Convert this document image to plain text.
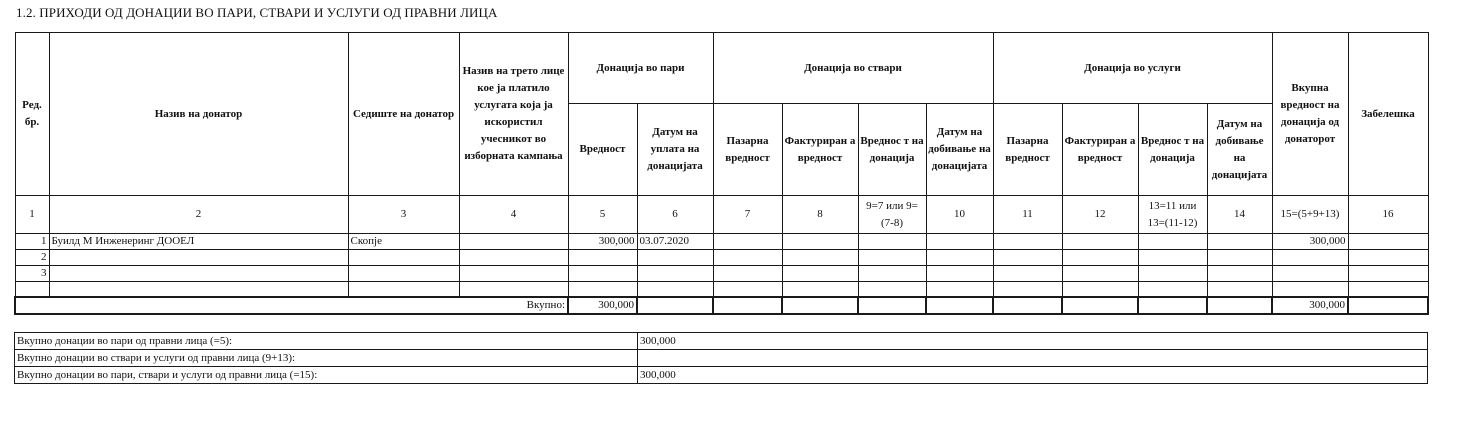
1.2. ПРИХОДИ ОД ДОНАЦИИ ВО ПАРИ, СТВАРИ И УСЛУГИ ОД ПРАВНИ ЛИЦА
Ред. бр.	Назив на донатор	Седиште на донатор	Назив на трето лице кое ја платило услугата која ја искористил учесникот во изборната кампања	Донација во пари		Донација во ствари				Донација во услуги				Вкупна вредност на донација од донаторот	Забелешка
				Вредност	Датум на уплата на донацијата	Пазарна вредност	Фактуриран а вредност	Вреднос т на донација	Датум на добивање на донацијата	Пазарна вредност	Фактуриран а вредност	Вреднос т на донација	Датум на добивање на донацијата		
1	2	3	4	5	6	7	8	9=7 или 9=(7-8)	10	11	12	13=11 или 13=(11-12)	14	15=(5+9+13)	16
1	Буилд М Инженеринг ДООЕЛ	Скопје		300,000	03.07.2020									300,000	
2															
3															

Вкупно:				300,000										300,000	
Вкупно донации во пари од правни лица (=5):	300,000
Вкупно донации во ствари и услуги од правни лица (9+13):	
Вкупно донации во пари, ствари и услуги од правни лица (=15):	300,000
